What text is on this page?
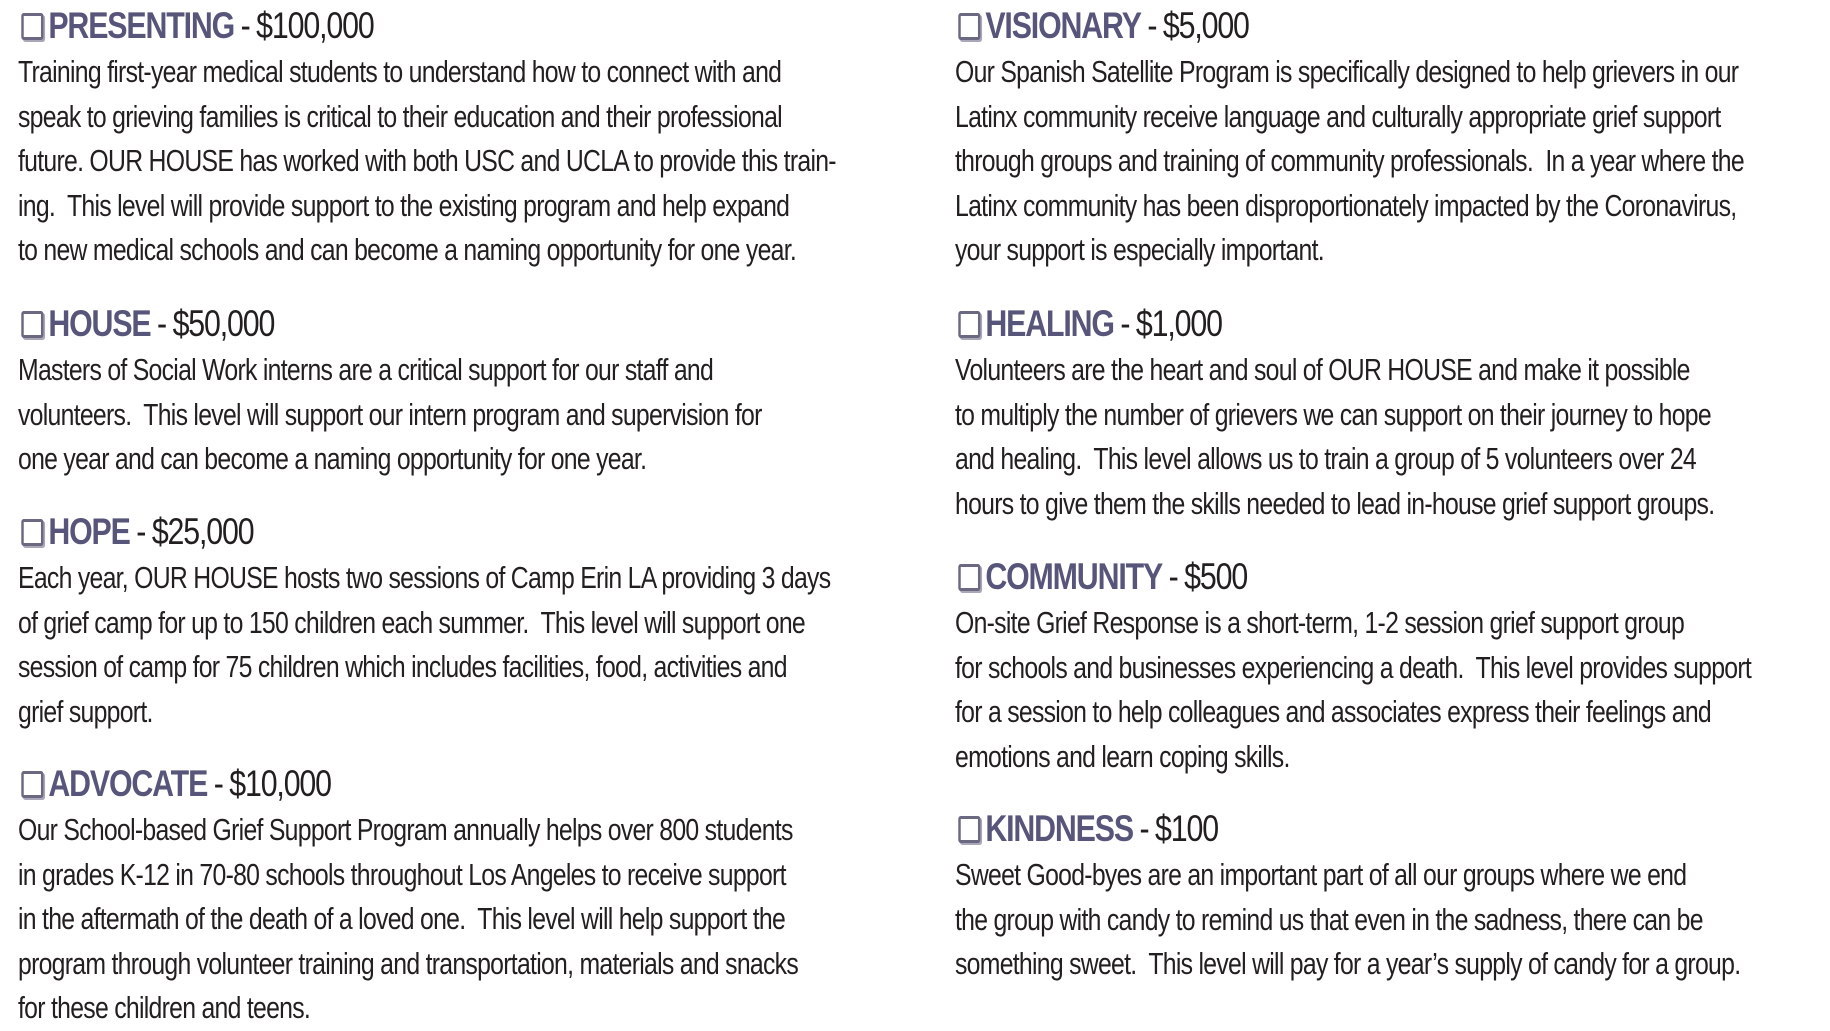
PRESENTING - $100,000
Training first-year medical students to understand how to connect with and
speak to grieving families is critical to their education and their professional
future. OUR HOUSE has worked with both USC and UCLA to provide this train-
ing.  This level will provide support to the existing program and help expand
to new medical schools and can become a naming opportunity for one year.
HOUSE - $50,000
Masters of Social Work interns are a critical support for our staff and
volunteers.  This level will support our intern program and supervision for
one year and can become a naming opportunity for one year.
HOPE - $25,000
Each year, OUR HOUSE hosts two sessions of Camp Erin LA providing 3 days
of grief camp for up to 150 children each summer.  This level will support one
session of camp for 75 children which includes facilities, food, activities and
grief support.
ADVOCATE - $10,000
Our School-based Grief Support Program annually helps over 800 students
in grades K-12 in 70-80 schools throughout Los Angeles to receive support
in the aftermath of the death of a loved one.  This level will help support the
program through volunteer training and transportation, materials and snacks
for these children and teens.
VISIONARY - $5,000
Our Spanish Satellite Program is specifically designed to help grievers in our
Latinx community receive language and culturally appropriate grief support
through groups and training of community professionals.  In a year where the
Latinx community has been disproportionately impacted by the Coronavirus,
your support is especially important.
HEALING - $1,000
Volunteers are the heart and soul of OUR HOUSE and make it possible
to multiply the number of grievers we can support on their journey to hope
and healing.  This level allows us to train a group of 5 volunteers over 24
hours to give them the skills needed to lead in-house grief support groups.
COMMUNITY - $500
On-site Grief Response is a short-term, 1-2 session grief support group
for schools and businesses experiencing a death.  This level provides support
for a session to help colleagues and associates express their feelings and
emotions and learn coping skills.
KINDNESS - $100
Sweet Good-byes are an important part of all our groups where we end
the group with candy to remind us that even in the sadness, there can be
something sweet.  This level will pay for a year’s supply of candy for a group.
